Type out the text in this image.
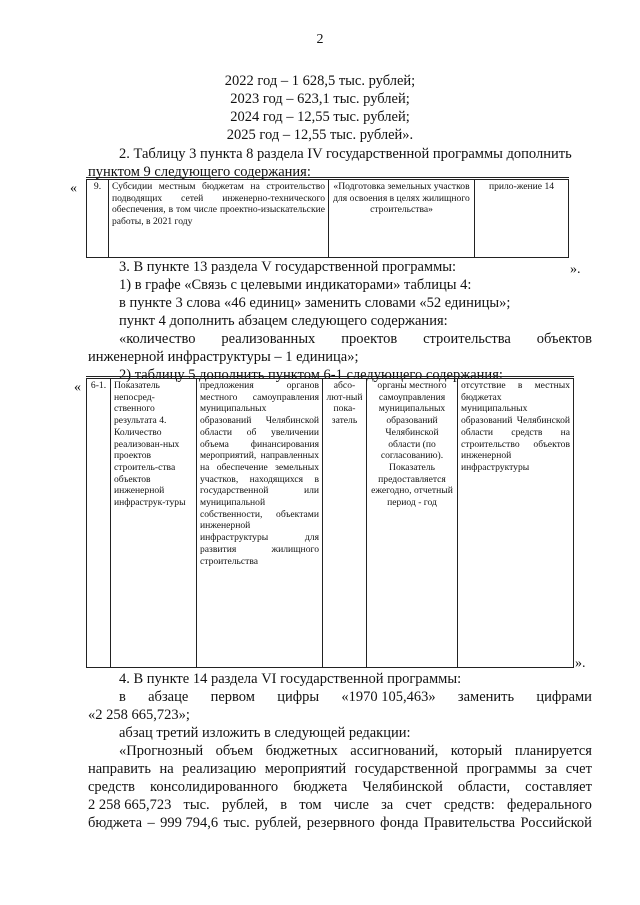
2
2022 год – 1 628,5 тыс. рублей;
2023 год – 623,1 тыс. рублей;
2024 год – 12,55 тыс. рублей;
2025 год – 12,55 тыс. рублей».
2. Таблицу 3 пункта 8 раздела IV государственной программы дополнить
пунктом 9 следующего содержания:
« 9.	Субсидии местным бюджетам на строительство подводящих сетей инженерно-технического обеспечения, в том числе проектно-изыскательские работы, в 2021 году	«Подготовка земельных участков для освоения в целях жилищного строительства»	прило-жение 14
».
3. В пункте 13 раздела V государственной программы:
1) в графе «Связь с целевыми индикаторами» таблицы 4:
в пункте 3 слова «46 единиц» заменить словами «52 единицы»;
пункт 4 дополнить абзацем следующего содержания:
«количество реализованных проектов строительства объектов
инженерной инфраструктуры – 1 единица»;
2) таблицу 5 дополнить пунктом 6-1 следующего содержания:
« 6-1.	Показатель непосред-ственного результата 4. Количество реализован-ных проектов строитель-ства объектов инженерной инфраструк-туры	предложения органов местного самоуправления муниципальных образований Челябинской области об увеличении объема финансирования мероприятий, направленных на обеспечение земельных участков, находящихся в государственной или муниципальной собственности, объектами инженерной инфраструктуры для развития жилищного строительства	абсо-лют-ный пока-затель	органы местного самоуправления муниципальных образований Челябинской области (по согласованию). Показатель предоставляется ежегодно, отчетный период - год	отсутствие в местных бюджетах муниципальных образований Челябинской области средств на строительство объектов инженерной инфраструктуры
».
4. В пункте 14 раздела VI государственной программы:
в абзаце первом цифры «1970 105,463» заменить цифрами
«2 258 665,723»;
абзац третий изложить в следующей редакции:
«Прогнозный объем бюджетных ассигнований, который планируется
направить на реализацию мероприятий государственной программы за счет
средств консолидированного бюджета Челябинской области, составляет
2 258 665,723 тыс. рублей, в том числе за счет средств: федерального
бюджета – 999 794,6 тыс. рублей, резервного фонда Правительства Российской
